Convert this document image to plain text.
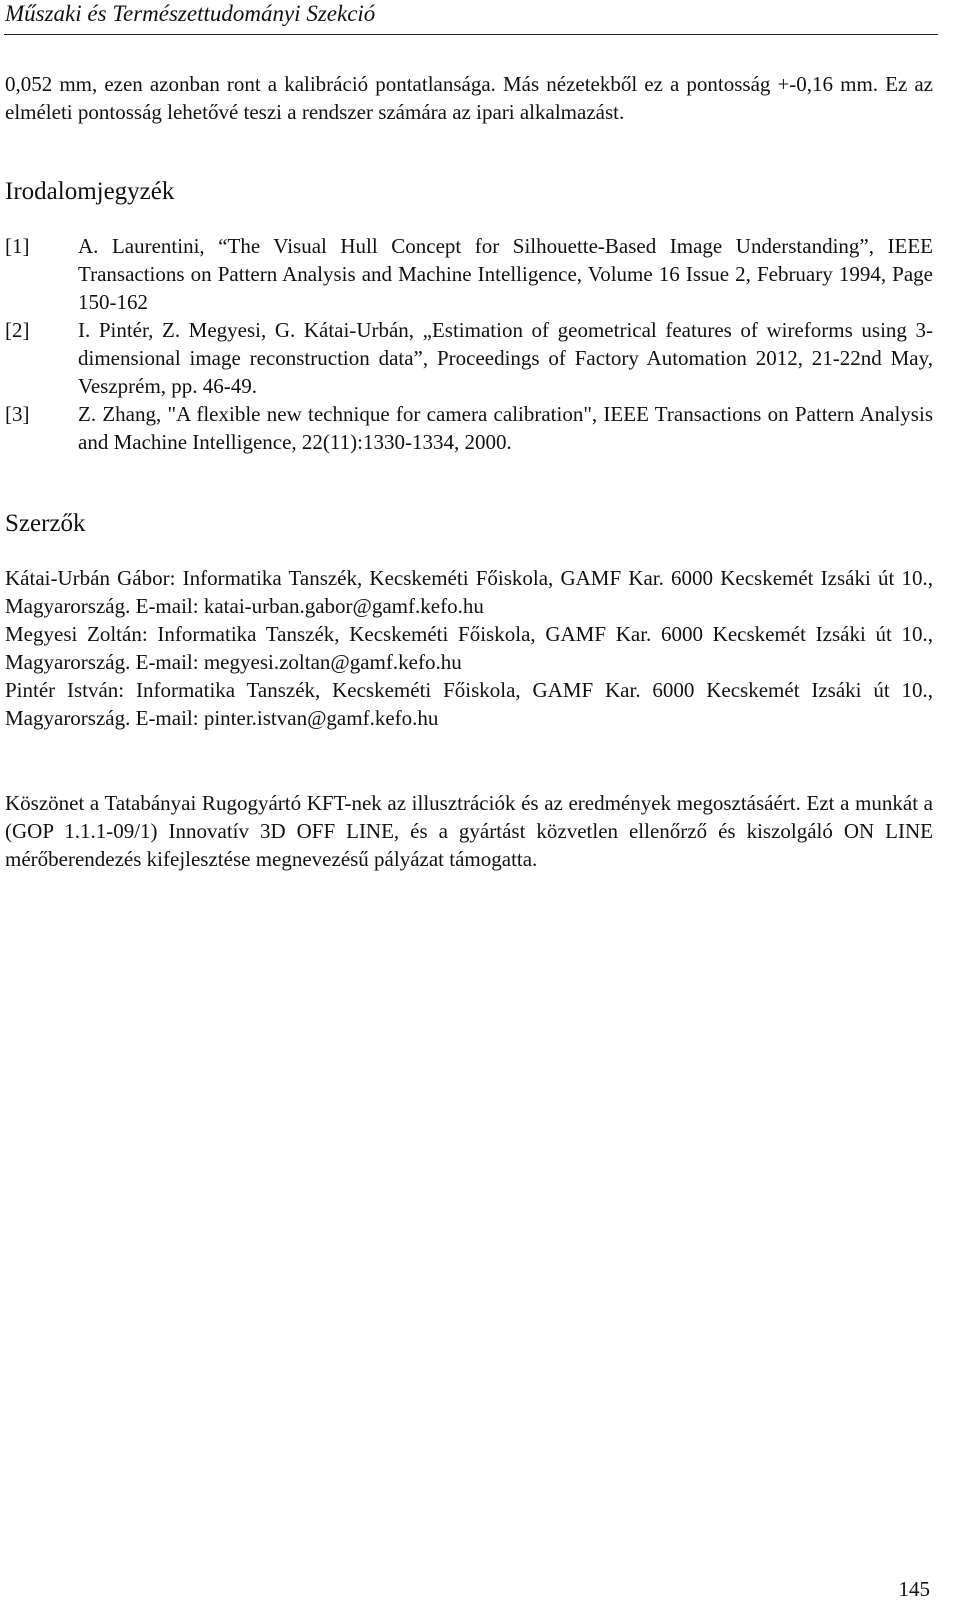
Műszaki és Természettudományi Szekció

0,052 mm, ezen azonban ront a kalibráció pontatlansága. Más nézetekből ez a pontosság +-0,16 mm. Ez az elméleti pontosság lehetővé teszi a rendszer számára az ipari alkalmazást.

Irodalomjegyzék
[1] A. Laurentini, “The Visual Hull Concept for Silhouette-Based Image Understanding”, IEEE Transactions on Pattern Analysis and Machine Intelligence, Volume 16 Issue 2, February 1994, Page 150-162
[2] I. Pintér, Z. Megyesi, G. Kátai-Urbán, „Estimation of geometrical features of wireforms using 3-dimensional image reconstruction data”, Proceedings of Factory Automation 2012, 21-22nd May, Veszprém, pp. 46-49.
[3] Z. Zhang, "A flexible new technique for camera calibration", IEEE Transactions on Pattern Analysis and Machine Intelligence, 22(11):1330-1334, 2000.
Szerzők
Kátai-Urbán Gábor: Informatika Tanszék, Kecskeméti Főiskola, GAMF Kar. 6000 Kecskemét Izsáki út 10., Magyarország. E-mail: katai-urban.gabor@gamf.kefo.hu
Megyesi Zoltán: Informatika Tanszék, Kecskeméti Főiskola, GAMF Kar. 6000 Kecskemét Izsáki út 10., Magyarország. E-mail: megyesi.zoltan@gamf.kefo.hu
Pintér István: Informatika Tanszék, Kecskeméti Főiskola, GAMF Kar. 6000 Kecskemét Izsáki út 10., Magyarország. E-mail: pinter.istvan@gamf.kefo.hu

Köszönet a Tatabányai Rugogyártó KFT-nek az illusztrációk és az eredmények megosztásáért. Ezt a munkát a (GOP 1.1.1-09/1) Innovatív 3D OFF LINE, és a gyártást közvetlen ellenőrző és kiszolgáló ON LINE mérőberendezés kifejlesztése megnevezésű pályázat támogatta.

145
